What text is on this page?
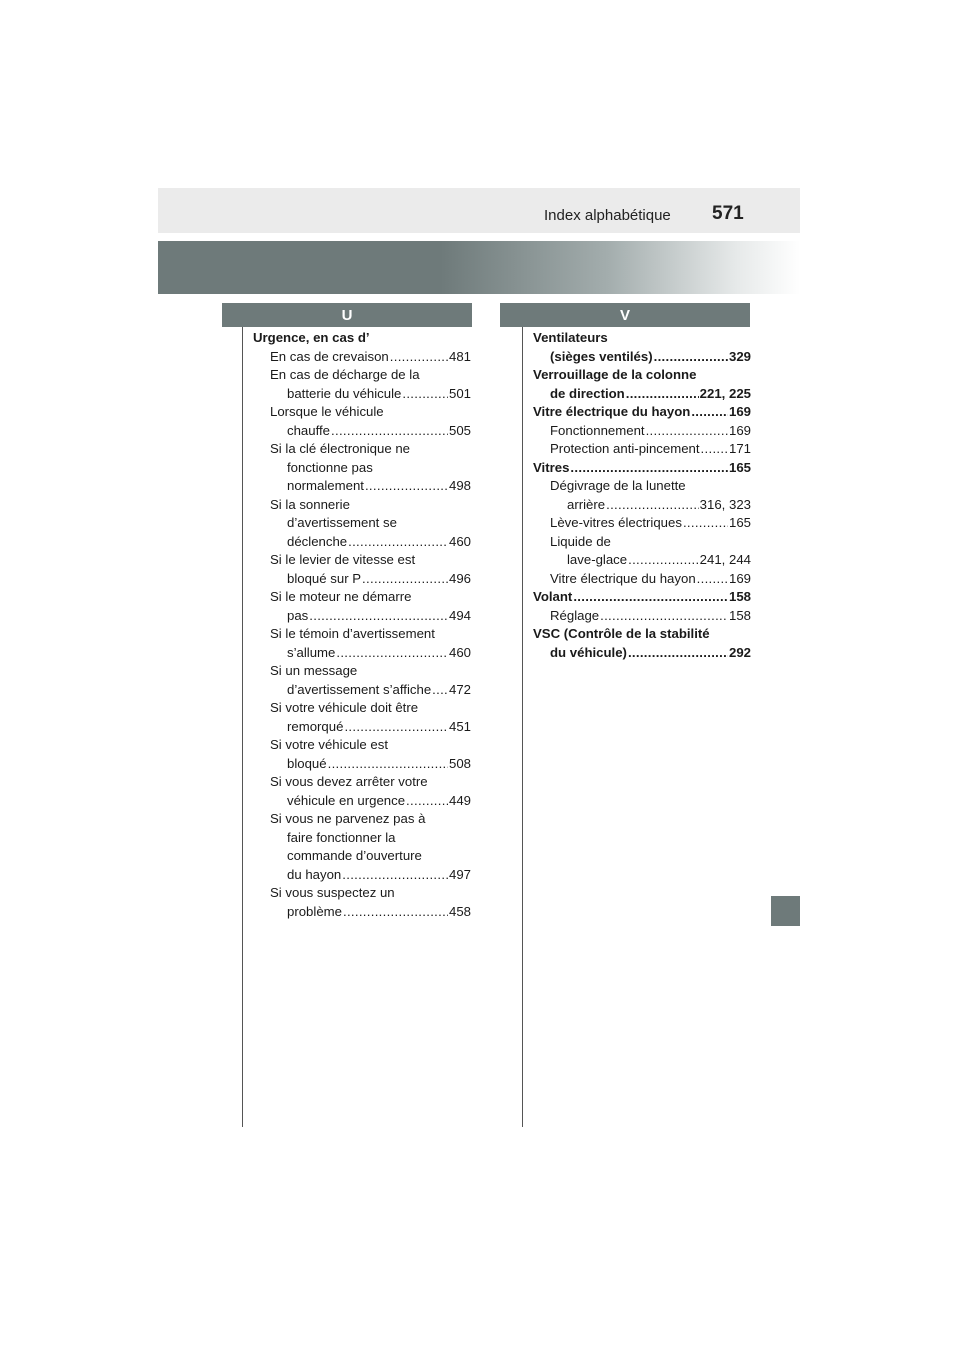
Index alphabétique 571
U	V
Urgence, en cas d’
En cas de crevaison .....	481
En cas de décharge de la
batterie du véhicule .....	501
Lorsque le véhicule
chauffe .....	505
Si la clé électronique ne
fonctionne pas
normalement .....	498
Si la sonnerie
d’avertissement se
déclenche .....	460
Si le levier de vitesse est
bloqué sur P .....	496
Si le moteur ne démarre
pas .....	494
Si le témoin d’avertissement
s’allume .....	460
Si un message
d’avertissement s’affiche ..... 472
Si votre véhicule doit être
remorqué .....	451
Si votre véhicule est
bloqué .....	508
Si vous devez arrêter votre
véhicule en urgence .....	449
Si vous ne parvenez pas à
faire fonctionner la
commande d’ouverture
du hayon .....	497
Si vous suspectez un
problème .....	458
Ventilateurs
(sièges ventilés) .....	329
Verrouillage de la colonne
de direction .....	221, 225
Vitre électrique du hayon .....	169
Fonctionnement .....	169
Protection anti-pincement ..... 171
Vitres .....	165
Dégivrage de la lunette
arrière .....	316, 323
Lève-vitres électriques .....	165
Liquide de
lave-glace .....	241, 244
Vitre électrique du hayon .....	169
Volant .....	158
Réglage .....	158
VSC (Contrôle de la stabilité
du véhicule) .....	292
